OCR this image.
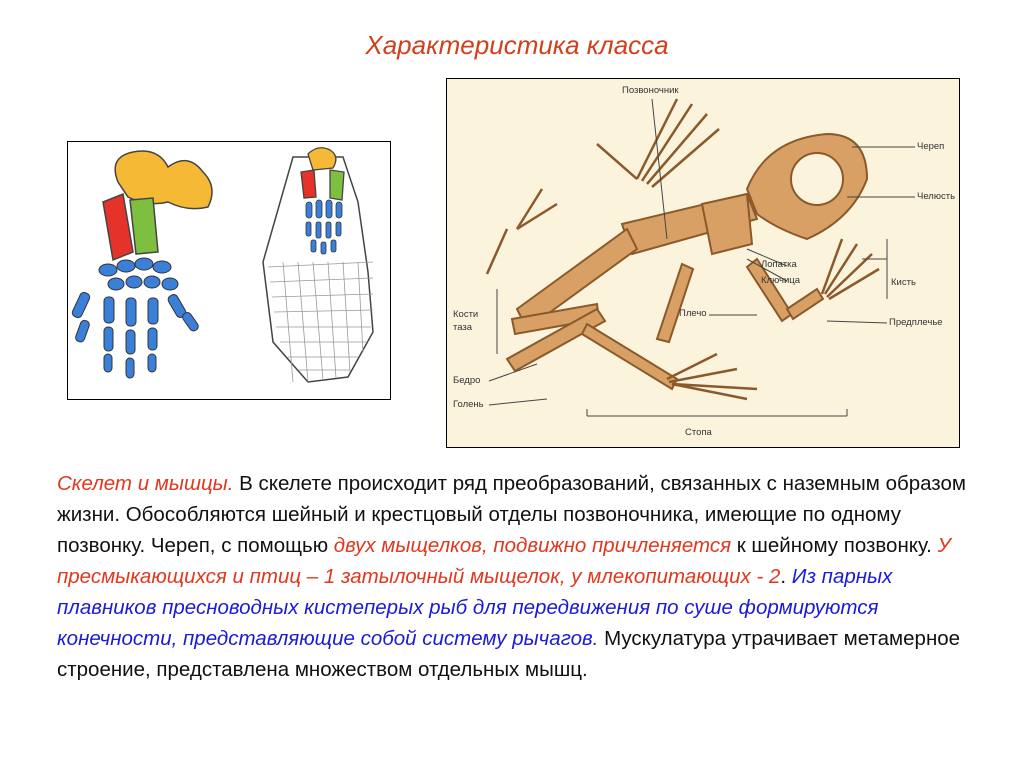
Характеристика класса
Позвоночник
Череп
Челюсть
Лопатка
Ключица	Кисть
Плечо
Предплечье
Кости
таза
Бедро
Голень
Стопа
Скелет и мышцы. В скелете происходит ряд преобразований, связанных с наземным образом жизни. Обособляются шейный и крестцовый отделы позвоночника, имеющие по одному позвонку. Череп, с помощью двух мыщелков, подвижно причленяется к шейному позвонку. У пресмыкающихся и птиц – 1 затылочный мыщелок, у млекопитающих - 2. Из парных плавников пресноводных кистеперых рыб для передвижения по суше формируются конечности, представляющие собой систему рычагов. Мускулатура утрачивает метамерное строение, представлена множеством отдельных мышц.
